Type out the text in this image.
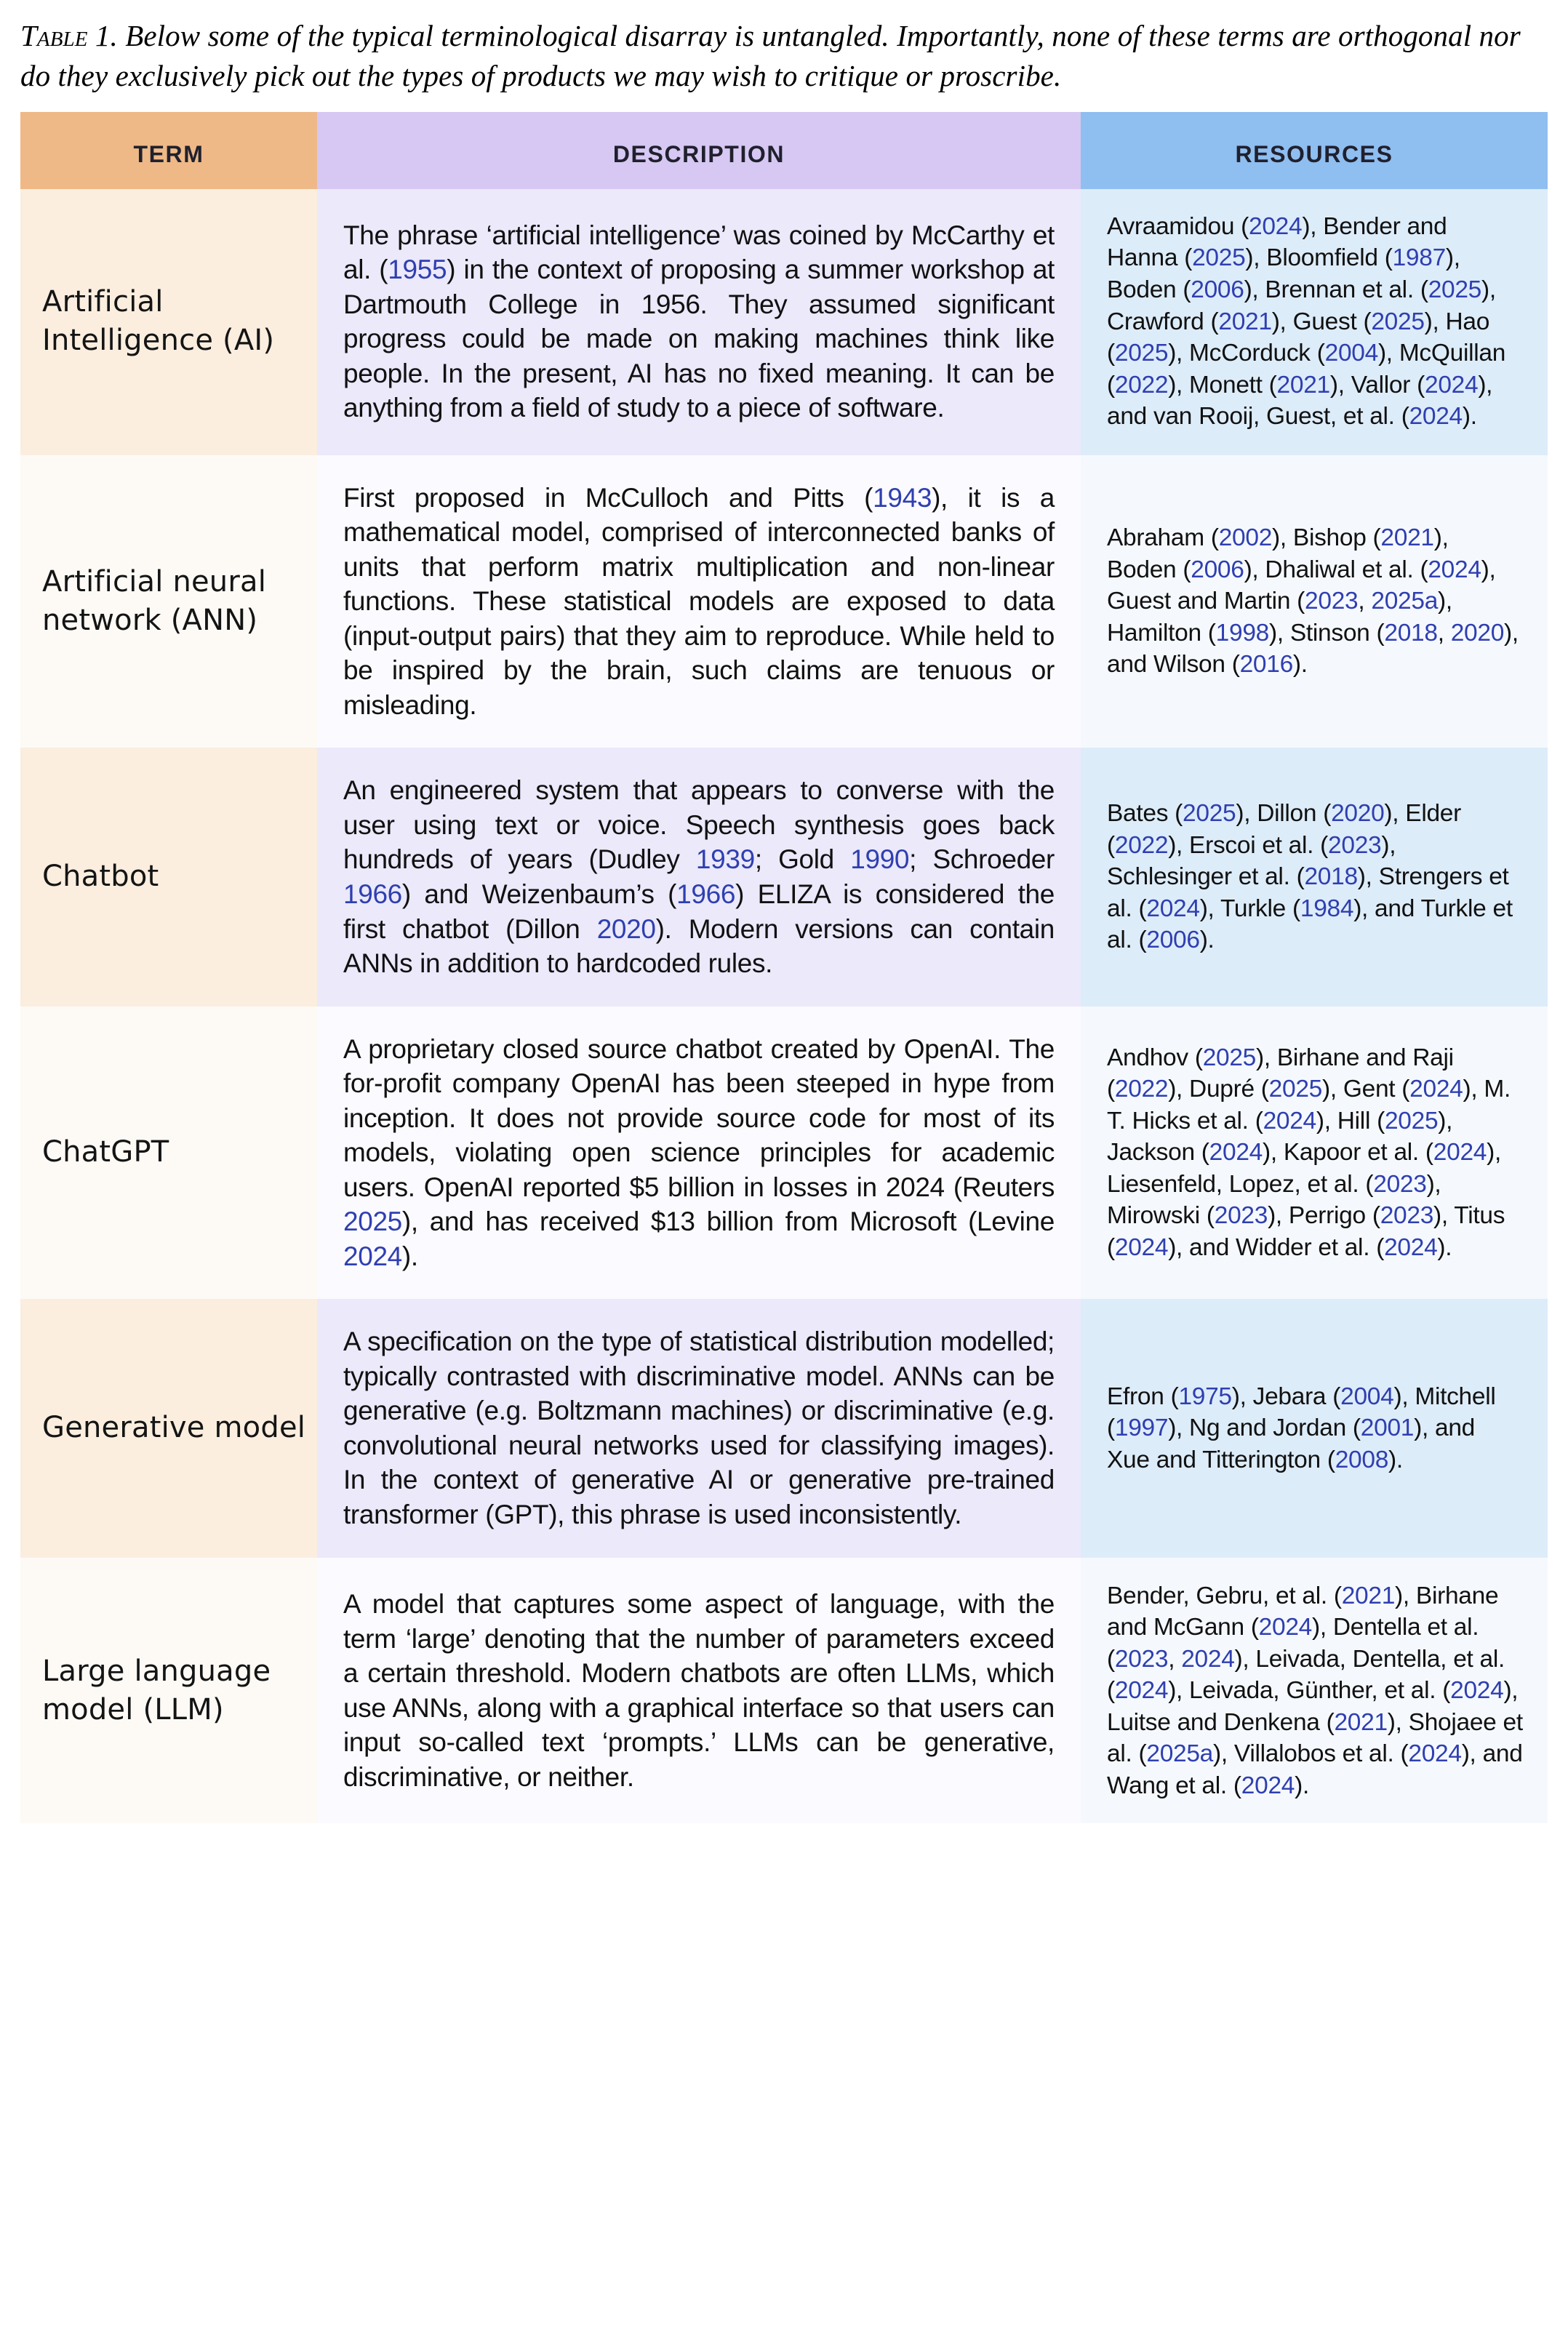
Table 1. Below some of the typical terminological disarray is untangled. Importantly, none of these terms are orthogonal nor do they exclusively pick out the types of products we may wish to critique or proscribe.
term	description	resources
Artificial Intelligence (AI)	The phrase ‘artificial intelligence’ was coined by McCarthy et al. (1955) in the context of proposing a summer workshop at Dartmouth College in 1956. They assumed significant progress could be made on making machines think like people. In the present, AI has no fixed meaning. It can be anything from a field of study to a piece of software.	Avraamidou (2024), Bender and Hanna (2025), Bloomfield (1987), Boden (2006), Brennan et al. (2025), Crawford (2021), Guest (2025), Hao (2025), McCorduck (2004), McQuillan (2022), Monett (2021), Vallor (2024), and van Rooij, Guest, et al. (2024).
Artificial neural network (ANN)	First proposed in McCulloch and Pitts (1943), it is a mathematical model, comprised of interconnected banks of units that perform matrix multiplication and non-linear functions. These statistical models are exposed to data (input-output pairs) that they aim to reproduce. While held to be inspired by the brain, such claims are tenuous or misleading.	Abraham (2002), Bishop (2021), Boden (2006), Dhaliwal et al. (2024), Guest and Martin (2023, 2025a), Hamilton (1998), Stinson (2018, 2020), and Wilson (2016).
Chatbot	An engineered system that appears to converse with the user using text or voice. Speech synthesis goes back hundreds of years (Dudley 1939; Gold 1990; Schroeder 1966) and Weizenbaum’s (1966) ELIZA is considered the first chatbot (Dillon 2020). Modern versions can contain ANNs in addition to hardcoded rules.	Bates (2025), Dillon (2020), Elder (2022), Erscoi et al. (2023), Schlesinger et al. (2018), Strengers et al. (2024), Turkle (1984), and Turkle et al. (2006).
ChatGPT	A proprietary closed source chatbot created by OpenAI. The for-profit company OpenAI has been steeped in hype from inception. It does not provide source code for most of its models, violating open science principles for academic users. OpenAI reported $5 billion in losses in 2024 (Reuters 2025), and has received $13 billion from Microsoft (Levine 2024).	Andhov (2025), Birhane and Raji (2022), Dupré (2025), Gent (2024), M. T. Hicks et al. (2024), Hill (2025), Jackson (2024), Kapoor et al. (2024), Liesenfeld, Lopez, et al. (2023), Mirowski (2023), Perrigo (2023), Titus (2024), and Widder et al. (2024).
Generative model	A specification on the type of statistical distribution modelled; typically contrasted with discriminative model. ANNs can be generative (e.g. Boltzmann machines) or discriminative (e.g. convolutional neural networks used for classifying images). In the context of generative AI or generative pre-trained transformer (GPT), this phrase is used inconsistently.	Efron (1975), Jebara (2004), Mitchell (1997), Ng and Jordan (2001), and Xue and Titterington (2008).
Large language model (LLM)	A model that captures some aspect of language, with the term ‘large’ denoting that the number of parameters exceed a certain threshold. Modern chatbots are often LLMs, which use ANNs, along with a graphical interface so that users can input so-called text ‘prompts.’ LLMs can be generative, discriminative, or neither.	Bender, Gebru, et al. (2021), Birhane and McGann (2024), Dentella et al. (2023, 2024), Leivada, Dentella, et al. (2024), Leivada, Günther, et al. (2024), Luitse and Denkena (2021), Shojaee et al. (2025a), Villalobos et al. (2024), and Wang et al. (2024).
